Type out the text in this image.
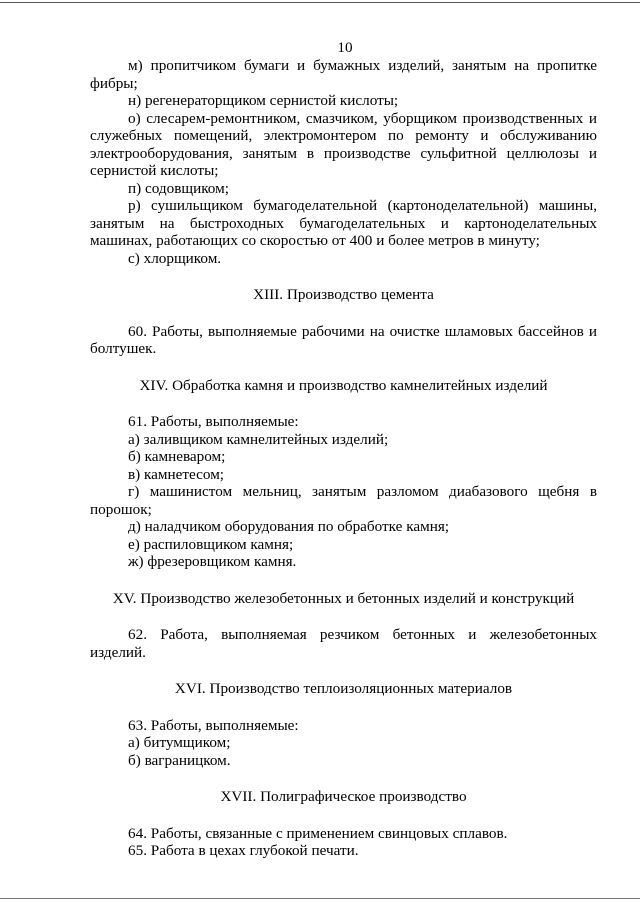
10

м) пропитчиком бумаги и бумажных изделий, занятым на пропитке фибры;

н) регенераторщиком сернистой кислоты;

о) слесарем-ремонтником, смазчиком, уборщиком производственных и служебных помещений, электромонтером по ремонту и обслуживанию электрооборудования, занятым в производстве сульфитной целлюлозы и сернистой кислоты;

п) содовщиком;

р) сушильщиком бумагоделательной (картоноделательной) машины, занятым на быстроходных бумагоделательных и картоноделательных машинах, работающих со скоростью от 400 и более метров в минуту;

с) хлорщиком.

XIII. Производство цемента

60. Работы, выполняемые рабочими на очистке шламовых бассейнов и болтушек.

XIV. Обработка камня и производство камнелитейных изделий

61. Работы, выполняемые:

а) заливщиком камнелитейных изделий;

б) камневаром;

в) камнетесом;

г) машинистом мельниц, занятым разломом диабазового щебня в порошок;

д) наладчиком оборудования по обработке камня;

е) распиловщиком камня;

ж) фрезеровщиком камня.

XV. Производство железобетонных и бетонных изделий и конструкций

62. Работа, выполняемая резчиком бетонных и железобетонных изделий.

XVI. Производство теплоизоляционных материалов

63. Работы, выполняемые:

а) битумщиком;

б) ваграницком.

XVII. Полиграфическое производство

64. Работы, связанные с применением свинцовых сплавов.

65. Работа в цехах глубокой печати.
